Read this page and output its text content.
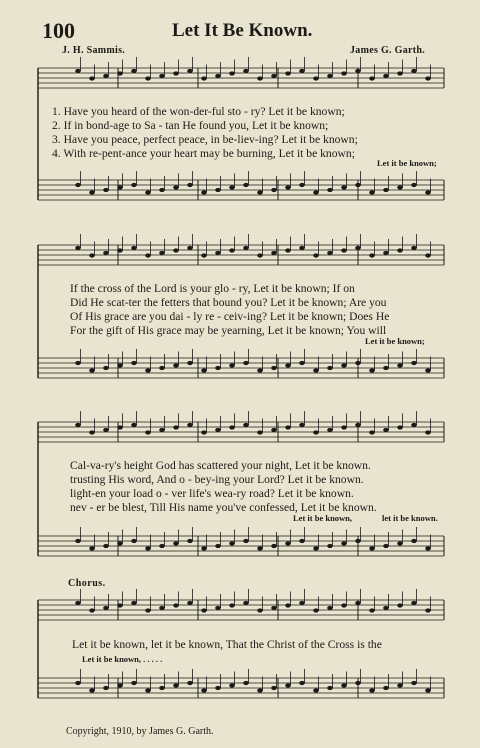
100	Let It Be Known.
J. H. Sammis.	James G. Garth.
1. Have you heard of the won-der-ful sto - ry? Let it be known;
2. If in bond-age to Sa - tan He found you, Let it be known;
3. Have you peace, perfect peace, in be-liev-ing? Let it be known;
4. With re-pent-ance your heart may be burning, Let it be known;
Let it be known;
If the cross of the Lord is your glo - ry, Let it be known; If on
Did He scat-ter the fetters that bound you? Let it be known; Are you
Of His grace are you dai - ly re - ceiv-ing? Let it be known; Does He
For the gift of His grace may be yearning, Let it be known; You will
Let it be known;
Cal-va-ry's height God has scattered your night, Let it be known.
trusting His word, And o - bey-ing your Lord? Let it be known.
light-en your load o - ver life's wea-ry road? Let it be known.
nev - er be blest, Till His name you've confessed, Let it be known.
Let it be known,	let it be known.
Chorus.
Let it be known, let it be known, That the Christ of the Cross is the
Let it be known, . . . . .
Copyright, 1910, by James G. Garth.
